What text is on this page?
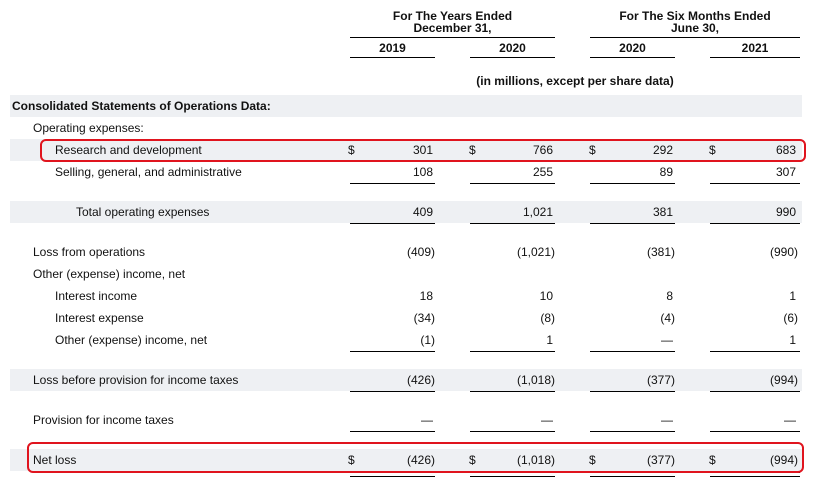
For The Years Ended
December 31,
For The Six Months Ended
June 30,
2019	2020	2020	2021
(in millions, except per share data)
Consolidated Statements of Operations Data:
Operating expenses:
Research and development	$	301	$	766	$	292	$	683
Selling, general, and administrative	108	255	89	307
Total operating expenses	409	1,021	381	990
Loss from operations	(409)	(1,021)	(381)	(990)
Other (expense) income, net
Interest income	18	10	8	1
Interest expense	(34)	(8)	(4)	(6)
Other (expense) income, net	(1)	1	—	1
Loss before provision for income taxes	(426)	(1,018)	(377)	(994)
Provision for income taxes	—	—	—	—
Net loss	$	(426)	$	(1,018)	$	(377)	$	(994)
